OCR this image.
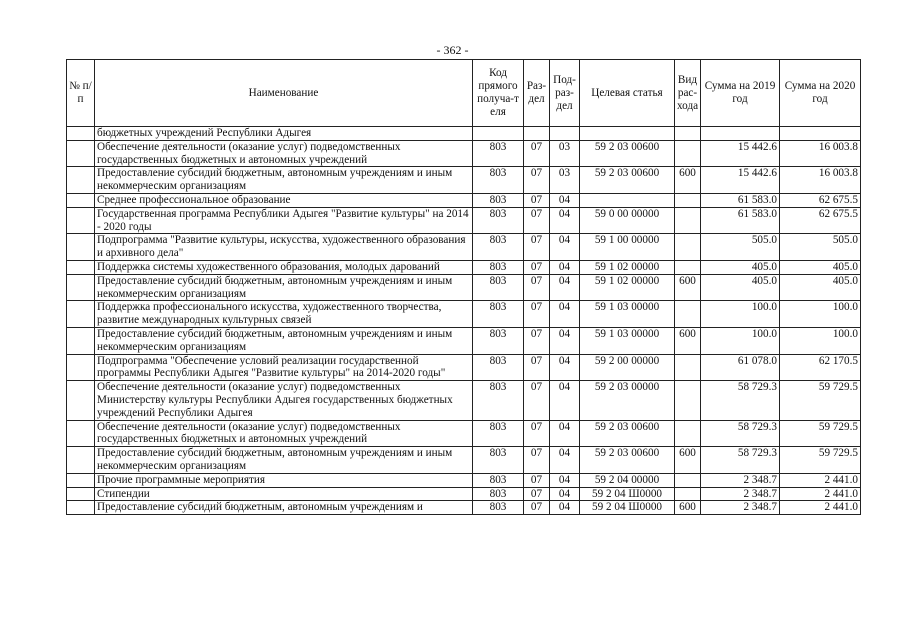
- 362 -
№ п/п	Наименование	Код прямого получа-т еля	Раз- дел	Под- раз- дел	Целевая статья	Вид рас- хода	Сумма на 2019 год	Сумма на 2020 год
	бюджетных учреждений Республики Адыгея							
	Обеспечение деятельности (оказание услуг) подведомственных государственных бюджетных и автономных учреждений	803	07	03	59 2 03 00600		15 442.6	16 003.8
	Предоставление субсидий бюджетным, автономным учреждениям и иным некоммерческим организациям	803	07	03	59 2 03 00600	600	15 442.6	16 003.8
	Среднее профессиональное образование	803	07	04			61 583.0	62 675.5
	Государственная программа Республики Адыгея "Развитие культуры" на 2014 - 2020 годы	803	07	04	59 0 00 00000		61 583.0	62 675.5
	Подпрограмма "Развитие культуры, искусства, художественного образования и архивного дела"	803	07	04	59 1 00 00000		505.0	505.0
	Поддержка системы художественного образования, молодых дарований	803	07	04	59 1 02 00000		405.0	405.0
	Предоставление субсидий бюджетным, автономным учреждениям и иным некоммерческим организациям	803	07	04	59 1 02 00000	600	405.0	405.0
	Поддержка профессионального искусства, художественного творчества, развитие международных культурных связей	803	07	04	59 1 03 00000		100.0	100.0
	Предоставление субсидий бюджетным, автономным учреждениям и иным некоммерческим организациям	803	07	04	59 1 03 00000	600	100.0	100.0
	Подпрограмма "Обеспечение условий реализации государственной программы Республики Адыгея "Развитие культуры" на 2014-2020 годы"	803	07	04	59 2 00 00000		61 078.0	62 170.5
	Обеспечение деятельности (оказание услуг) подведомственных Министерству культуры Республики Адыгея государственных бюджетных учреждений Республики Адыгея	803	07	04	59 2 03 00000		58 729.3	59 729.5
	Обеспечение деятельности (оказание услуг) подведомственных государственных бюджетных и автономных учреждений	803	07	04	59 2 03 00600		58 729.3	59 729.5
	Предоставление субсидий бюджетным, автономным учреждениям и иным некоммерческим организациям	803	07	04	59 2 03 00600	600	58 729.3	59 729.5
	Прочие программные мероприятия	803	07	04	59 2 04 00000		2 348.7	2 441.0
	Стипендии	803	07	04	59 2 04 Ш0000		2 348.7	2 441.0
	Предоставление субсидий бюджетным, автономным учреждениям и	803	07	04	59 2 04 Ш0000	600	2 348.7	2 441.0
